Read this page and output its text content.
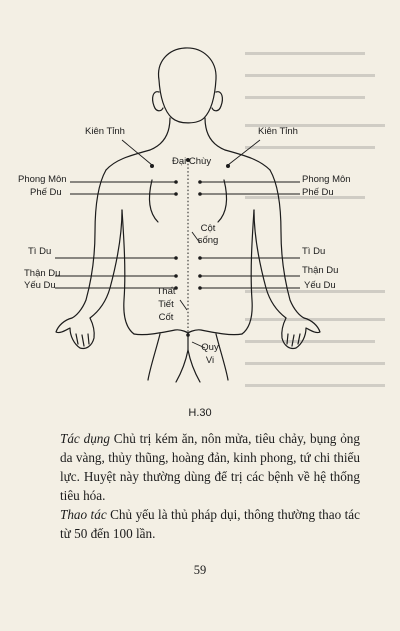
Kiên Tỉnh	Kiên Tỉnh
Đại Chùy
Phong Môn	Phong Môn
Phế Du	Phế Du
Cột
sống
Tì Du	Tì Du
Thận Du	Thận Du
Yếu Du	Yếu Du
Thất
Tiết
Cốt
Quy
Vi
H.30
Tác dụng Chủ trị kém ăn, nôn mửa, tiêu chảy, bụng ỏng da vàng, thủy thũng, hoàng đản, kinh phong, tứ chi thiếu lực. Huyệt này thường dùng để trị các bệnh về hệ thống tiêu hóa.
Thao tác Chủ yếu là thủ pháp dụi, thông thường thao tác từ 50 đến 100 lần.
59
